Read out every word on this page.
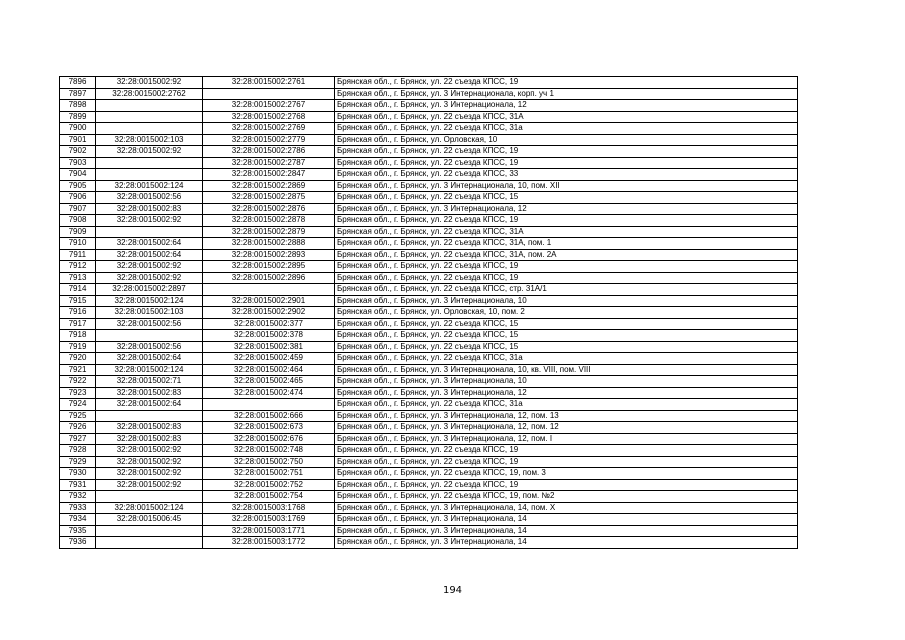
7896	32:28:0015002:92	32:28:0015002:2761	Брянская обл., г. Брянск, ул. 22 съезда КПСС, 19
7897	32:28:0015002:2762		Брянская обл., г. Брянск, ул. 3 Интернационала, корп. уч 1
7898		32:28:0015002:2767	Брянская обл., г. Брянск, ул. 3 Интернационала, 12
7899		32:28:0015002:2768	Брянская обл., г. Брянск, ул. 22 съезда КПСС, 31А
7900		32:28:0015002:2769	Брянская обл., г. Брянск, ул. 22 съезда КПСС, 31а
7901	32:28:0015002:103	32:28:0015002:2779	Брянская обл., г. Брянск, ул. Орловская, 10
7902	32:28:0015002:92	32:28:0015002:2786	Брянская обл., г. Брянск, ул. 22 съезда КПСС, 19
7903		32:28:0015002:2787	Брянская обл., г. Брянск, ул. 22 съезда КПСС, 19
7904		32:28:0015002:2847	Брянская обл., г. Брянск, ул. 22 съезда КПСС, 33
7905	32:28:0015002:124	32:28:0015002:2869	Брянская обл., г. Брянск, ул. 3 Интернационала, 10, пом. XII
7906	32:28:0015002:56	32:28:0015002:2875	Брянская обл., г. Брянск, ул. 22 съезда КПСС, 15
7907	32:28:0015002:83	32:28:0015002:2876	Брянская обл., г. Брянск, ул. 3 Интернационала, 12
7908	32:28:0015002:92	32:28:0015002:2878	Брянская обл., г. Брянск, ул. 22 съезда КПСС, 19
7909		32:28:0015002:2879	Брянская обл., г. Брянск, ул. 22 съезда КПСС, 31А
7910	32:28:0015002:64	32:28:0015002:2888	Брянская обл., г. Брянск, ул. 22 съезда КПСС, 31А, пом. 1
7911	32:28:0015002:64	32:28:0015002:2893	Брянская обл., г. Брянск, ул. 22 съезда КПСС, 31А, пом. 2А
7912	32:28:0015002:92	32:28:0015002:2895	Брянская обл., г. Брянск, ул. 22 съезда КПСС, 19
7913	32:28:0015002:92	32:28:0015002:2896	Брянская обл., г. Брянск, ул. 22 съезда КПСС, 19
7914	32:28:0015002:2897		Брянская обл., г. Брянск, ул. 22 съезда КПСС, стр. 31А/1
7915	32:28:0015002:124	32:28:0015002:2901	Брянская обл., г. Брянск, ул. 3 Интернационала, 10
7916	32:28:0015002:103	32:28:0015002:2902	Брянская обл., г. Брянск, ул. Орловская, 10, пом. 2
7917	32:28:0015002:56	32:28:0015002:377	Брянская обл., г. Брянск, ул. 22 съезда КПСС, 15
7918		32:28:0015002:378	Брянская обл., г. Брянск, ул. 22 съезда КПСС, 15
7919	32:28:0015002:56	32:28:0015002:381	Брянская обл., г. Брянск, ул. 22 съезда КПСС, 15
7920	32:28:0015002:64	32:28:0015002:459	Брянская обл., г. Брянск, ул. 22 съезда КПСС, 31а
7921	32:28:0015002:124	32:28:0015002:464	Брянская обл., г. Брянск, ул. 3 Интернационала, 10, кв. VIII, пом. VIII
7922	32:28:0015002:71	32:28:0015002:465	Брянская обл., г. Брянск, ул. 3 Интернационала, 10
7923	32:28:0015002:83	32:28:0015002:474	Брянская обл., г. Брянск, ул. 3 Интернационала, 12
7924	32:28:0015002:64		Брянская обл., г. Брянск, ул. 22 съезда КПСС, 31а
7925		32:28:0015002:666	Брянская обл., г. Брянск, ул. 3 Интернационала, 12, пом. 13
7926	32:28:0015002:83	32:28:0015002:673	Брянская обл., г. Брянск, ул. 3 Интернационала, 12, пом. 12
7927	32:28:0015002:83	32:28:0015002:676	Брянская обл., г. Брянск, ул. 3 Интернационала, 12, пом. I
7928	32:28:0015002:92	32:28:0015002:748	Брянская обл., г. Брянск, ул. 22 съезда КПСС, 19
7929	32:28:0015002:92	32:28:0015002:750	Брянская обл., г. Брянск, ул. 22 съезда КПСС, 19
7930	32:28:0015002:92	32:28:0015002:751	Брянская обл., г. Брянск, ул. 22 съезда КПСС, 19, пом. 3
7931	32:28:0015002:92	32:28:0015002:752	Брянская обл., г. Брянск, ул. 22 съезда КПСС, 19
7932		32:28:0015002:754	Брянская обл., г. Брянск, ул. 22 съезда КПСС, 19, пом. №2
7933	32:28:0015002:124	32:28:0015003:1768	Брянская обл., г. Брянск, ул. 3 Интернационала, 14, пом. X
7934	32:28:0015006:45	32:28:0015003:1769	Брянская обл., г. Брянск, ул. 3 Интернационала, 14
7935		32:28:0015003:1771	Брянская обл., г. Брянск, ул. 3 Интернационала, 14
7936		32:28:0015003:1772	Брянская обл., г. Брянск, ул. 3 Интернационала, 14
194
